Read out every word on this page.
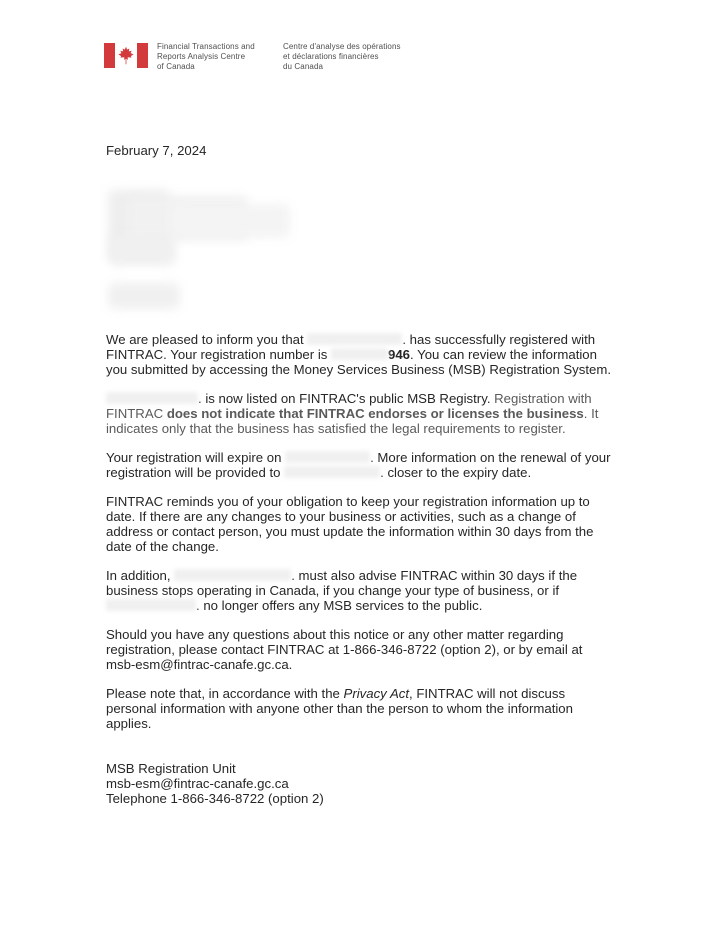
Financial Transactions and
Reports Analysis Centre
of Canada
Centre d'analyse des opérations
et déclarations financières
du Canada
February 7, 2024

We are pleased to inform you that	. has successfully registered with FINTRAC. Your registration number is	946. You can review the information you submitted by accessing the Money Services Business (MSB) Registration System.

. is now listed on FINTRAC's public MSB Registry. Registration with FINTRAC does not indicate that FINTRAC endorses or licenses the business. It indicates only that the business has satisfied the legal requirements to register.

Your registration will expire on	. More information on the renewal of your registration will be provided to	. closer to the expiry date.

FINTRAC reminds you of your obligation to keep your registration information up to date. If there are any changes to your business or activities, such as a change of address or contact person, you must update the information within 30 days from the date of the change.

In addition,	. must also advise FINTRAC within 30 days if the business stops operating in Canada, if you change your type of business, or if . no longer offers any MSB services to the public.

Should you have any questions about this notice or any other matter regarding registration, please contact FINTRAC at 1-866-346-8722 (option 2), or by email at msb-esm@fintrac-canafe.gc.ca.

Please note that, in accordance with the Privacy Act, FINTRAC will not discuss personal information with anyone other than the person to whom the information applies.

MSB Registration Unit
msb-esm@fintrac-canafe.gc.ca
Telephone 1-866-346-8722 (option 2)
